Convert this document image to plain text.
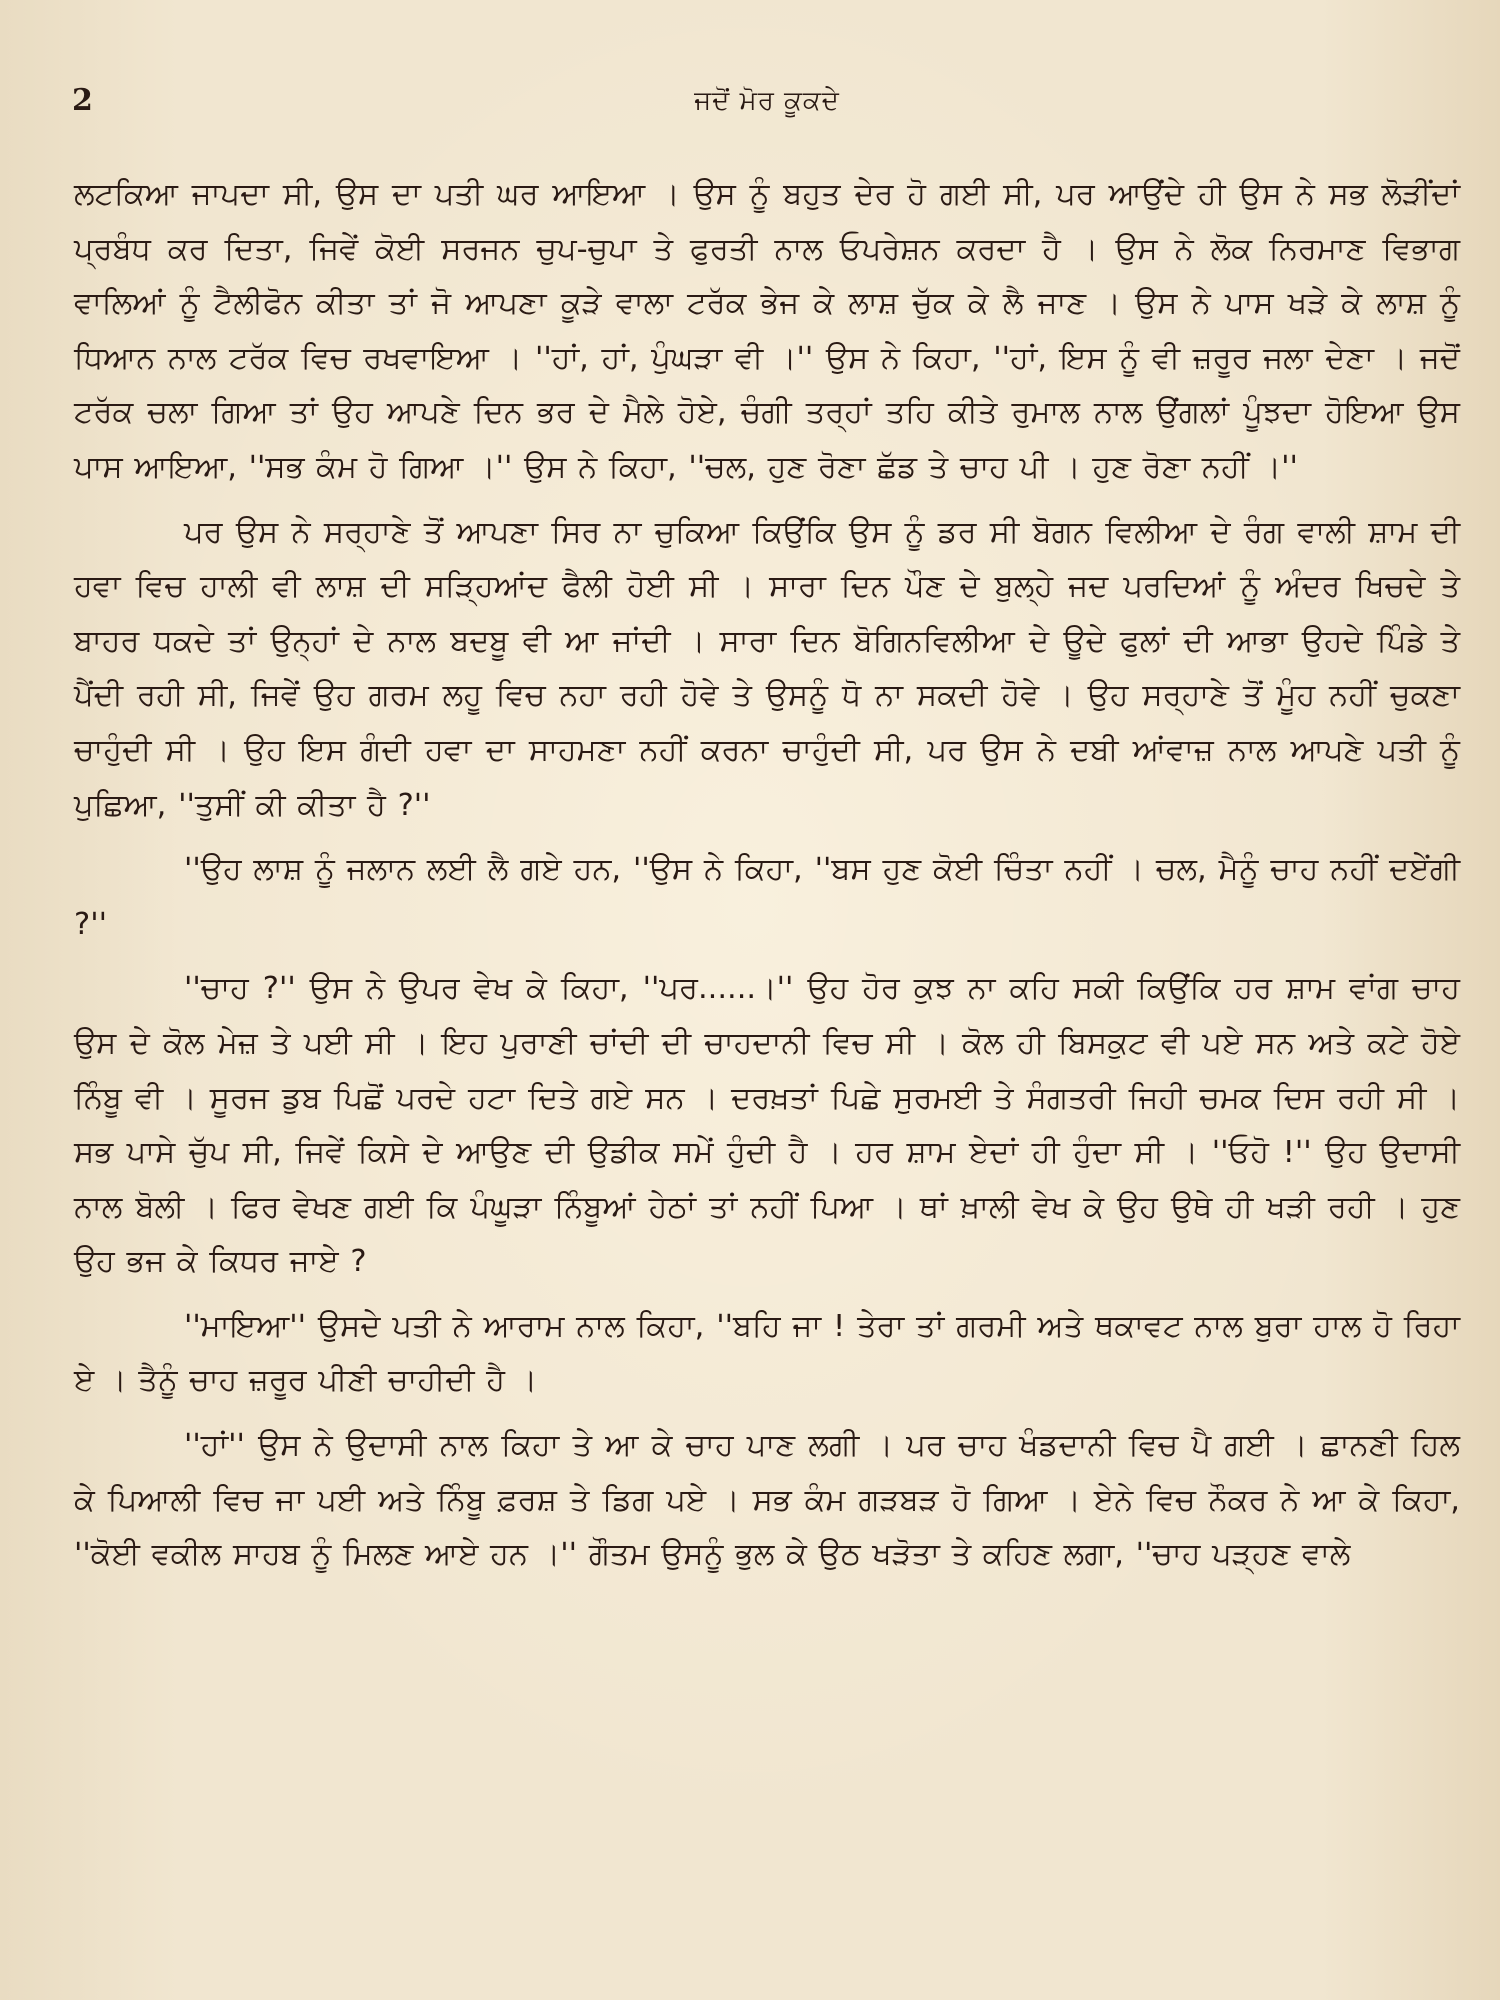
2	ਜਦੋਂ ਮੋਰ ਕੂਕਦੇ

ਲਟਕਿਆ ਜਾਪਦਾ ਸੀ, ਉਸ ਦਾ ਪਤੀ ਘਰ ਆਇਆ । ਉਸ ਨੂੰ ਬਹੁਤ ਦੇਰ ਹੋ ਗਈ ਸੀ, ਪਰ ਆਉਂਦੇ ਹੀ ਉਸ ਨੇ ਸਭ ਲੋੜੀਂਦਾਂ ਪ੍ਰਬੰਧ ਕਰ ਦਿਤਾ, ਜਿਵੇਂ ਕੋਈ ਸਰਜਨ ਚੁਪ-ਚੁਪਾ ਤੇ ਫੁਰਤੀ ਨਾਲ ਓਪਰੇਸ਼ਨ ਕਰਦਾ ਹੈ । ਉਸ ਨੇ ਲੋਕ ਨਿਰਮਾਣ ਵਿਭਾਗ ਵਾਲਿਆਂ ਨੂੰ ਟੈਲੀਫੋਨ ਕੀਤਾ ਤਾਂ ਜੋ ਆਪਣਾ ਕੂੜੇ ਵਾਲਾ ਟਰੱਕ ਭੇਜ ਕੇ ਲਾਸ਼ ਚੁੱਕ ਕੇ ਲੈ ਜਾਣ । ਉਸ ਨੇ ਪਾਸ ਖੜੇ ਕੇ ਲਾਸ਼ ਨੂੰ ਧਿਆਨ ਨਾਲ ਟਰੱਕ ਵਿਚ ਰਖਵਾਇਆ । ''ਹਾਂ, ਹਾਂ, ਪੁੰਘੜਾ ਵੀ ।'' ਉਸ ਨੇ ਕਿਹਾ, ''ਹਾਂ, ਇਸ ਨੂੰ ਵੀ ਜ਼ਰੂਰ ਜਲਾ ਦੇਣਾ । ਜਦੋਂ ਟਰੱਕ ਚਲਾ ਗਿਆ ਤਾਂ ਉਹ ਆਪਣੇ ਦਿਨ ਭਰ ਦੇ ਮੈਲੇ ਹੋਏ, ਚੰਗੀ ਤਰ੍ਹਾਂ ਤਹਿ ਕੀਤੇ ਰੁਮਾਲ ਨਾਲ ਉਂਗਲਾਂ ਪੂੰਝਦਾ ਹੋਇਆ ਉਸ ਪਾਸ ਆਇਆ, ''ਸਭ ਕੰਮ ਹੋ ਗਿਆ ।'' ਉਸ ਨੇ ਕਿਹਾ, ''ਚਲ, ਹੁਣ ਰੋਣਾ ਛੱਡ ਤੇ ਚਾਹ ਪੀ । ਹੁਣ ਰੋਣਾ ਨਹੀਂ ।''

ਪਰ ਉਸ ਨੇ ਸਰ੍ਹਾਣੇ ਤੋਂ ਆਪਣਾ ਸਿਰ ਨਾ ਚੁਕਿਆ ਕਿਉਂਕਿ ਉਸ ਨੂੰ ਡਰ ਸੀ ਬੋਗਨ ਵਿਲੀਆ ਦੇ ਰੰਗ ਵਾਲੀ ਸ਼ਾਮ ਦੀ ਹਵਾ ਵਿਚ ਹਾਲੀ ਵੀ ਲਾਸ਼ ਦੀ ਸੜ੍ਹਿਆਂਦ ਫੈਲੀ ਹੋਈ ਸੀ । ਸਾਰਾ ਦਿਨ ਪੌਣ ਦੇ ਬੁਲ੍ਹੇ ਜਦ ਪਰਦਿਆਂ ਨੂੰ ਅੰਦਰ ਖਿਚਦੇ ਤੇ ਬਾਹਰ ਧਕਦੇ ਤਾਂ ਉਨ੍ਹਾਂ ਦੇ ਨਾਲ ਬਦਬੂ ਵੀ ਆ ਜਾਂਦੀ । ਸਾਰਾ ਦਿਨ ਬੋਗਿਨਵਿਲੀਆ ਦੇ ਊਦੇ ਫੁਲਾਂ ਦੀ ਆਭਾ ਉਹਦੇ ਪਿੰਡੇ ਤੇ ਪੈਂਦੀ ਰਹੀ ਸੀ, ਜਿਵੇਂ ਉਹ ਗਰਮ ਲਹੂ ਵਿਚ ਨਹਾ ਰਹੀ ਹੋਵੇ ਤੇ ਉਸਨੂੰ ਧੋ ਨਾ ਸਕਦੀ ਹੋਵੇ । ਉਹ ਸਰ੍ਹਾਣੇ ਤੋਂ ਮੂੰਹ ਨਹੀਂ ਚੁਕਣਾ ਚਾਹੁੰਦੀ ਸੀ । ਉਹ ਇਸ ਗੰਦੀ ਹਵਾ ਦਾ ਸਾਹਮਣਾ ਨਹੀਂ ਕਰਨਾ ਚਾਹੁੰਦੀ ਸੀ, ਪਰ ਉਸ ਨੇ ਦਬੀ ਆਂਵਾਜ਼ ਨਾਲ ਆਪਣੇ ਪਤੀ ਨੂੰ ਪੁਛਿਆ, ''ਤੁਸੀਂ ਕੀ ਕੀਤਾ ਹੈ ?''

''ਉਹ ਲਾਸ਼ ਨੂੰ ਜਲਾਨ ਲਈ ਲੈ ਗਏ ਹਨ, ''ਉਸ ਨੇ ਕਿਹਾ, ''ਬਸ ਹੁਣ ਕੋਈ ਚਿੰਤਾ ਨਹੀਂ । ਚਲ, ਮੈਨੂੰ ਚਾਹ ਨਹੀਂ ਦਏਂਗੀ ?''

''ਚਾਹ ?'' ਉਸ ਨੇ ਉਪਰ ਵੇਖ ਕੇ ਕਿਹਾ, ''ਪਰ......।'' ਉਹ ਹੋਰ ਕੁਝ ਨਾ ਕਹਿ ਸਕੀ ਕਿਉਂਕਿ ਹਰ ਸ਼ਾਮ ਵਾਂਗ ਚਾਹ ਉਸ ਦੇ ਕੋਲ ਮੇਜ਼ ਤੇ ਪਈ ਸੀ । ਇਹ ਪੁਰਾਣੀ ਚਾਂਦੀ ਦੀ ਚਾਹਦਾਨੀ ਵਿਚ ਸੀ । ਕੋਲ ਹੀ ਬਿਸਕੁਟ ਵੀ ਪਏ ਸਨ ਅਤੇ ਕਟੇ ਹੋਏ ਨਿੰਬੂ ਵੀ । ਸੂਰਜ ਡੁਬ ਪਿਛੋਂ ਪਰਦੇ ਹਟਾ ਦਿਤੇ ਗਏ ਸਨ । ਦਰਖ਼ਤਾਂ ਪਿਛੇ ਸੁਰਮਈ ਤੇ ਸੰਗਤਰੀ ਜਿਹੀ ਚਮਕ ਦਿਸ ਰਹੀ ਸੀ । ਸਭ ਪਾਸੇ ਚੁੱਪ ਸੀ, ਜਿਵੇਂ ਕਿਸੇ ਦੇ ਆਉਣ ਦੀ ਉਡੀਕ ਸਮੇਂ ਹੁੰਦੀ ਹੈ । ਹਰ ਸ਼ਾਮ ਏਦਾਂ ਹੀ ਹੁੰਦਾ ਸੀ । ''ਓਹੋ !'' ਉਹ ਉਦਾਸੀ ਨਾਲ ਬੋਲੀ । ਫਿਰ ਵੇਖਣ ਗਈ ਕਿ ਪੰਘੂੜਾ ਨਿੰਬੂਆਂ ਹੇਠਾਂ ਤਾਂ ਨਹੀਂ ਪਿਆ । ਥਾਂ ਖ਼ਾਲੀ ਵੇਖ ਕੇ ਉਹ ਉਥੇ ਹੀ ਖੜੀ ਰਹੀ । ਹੁਣ ਉਹ ਭਜ ਕੇ ਕਿਧਰ ਜਾਏ ?

''ਮਾਇਆ'' ਉਸਦੇ ਪਤੀ ਨੇ ਆਰਾਮ ਨਾਲ ਕਿਹਾ, ''ਬਹਿ ਜਾ ! ਤੇਰਾ ਤਾਂ ਗਰਮੀ ਅਤੇ ਥਕਾਵਟ ਨਾਲ ਬੁਰਾ ਹਾਲ ਹੋ ਰਿਹਾ ਏ । ਤੈਨੂੰ ਚਾਹ ਜ਼ਰੂਰ ਪੀਣੀ ਚਾਹੀਦੀ ਹੈ ।

''ਹਾਂ'' ਉਸ ਨੇ ਉਦਾਸੀ ਨਾਲ ਕਿਹਾ ਤੇ ਆ ਕੇ ਚਾਹ ਪਾਣ ਲਗੀ । ਪਰ ਚਾਹ ਖੰਡਦਾਨੀ ਵਿਚ ਪੈ ਗਈ । ਛਾਨਣੀ ਹਿਲ ਕੇ ਪਿਆਲੀ ਵਿਚ ਜਾ ਪਈ ਅਤੇ ਨਿੰਬੂ ਫ਼ਰਸ਼ ਤੇ ਡਿਗ ਪਏ । ਸਭ ਕੰਮ ਗੜਬੜ ਹੋ ਗਿਆ । ਏਨੇ ਵਿਚ ਨੌਕਰ ਨੇ ਆ ਕੇ ਕਿਹਾ, ''ਕੋਈ ਵਕੀਲ ਸਾਹਬ ਨੂੰ ਮਿਲਣ ਆਏ ਹਨ ।'' ਗੌਤਮ ਉਸਨੂੰ ਭੁਲ ਕੇ ਉਠ ਖੜੋਤਾ ਤੇ ਕਹਿਣ ਲਗਾ, ''ਚਾਹ ਪੜ੍ਹਣ ਵਾਲੇ
